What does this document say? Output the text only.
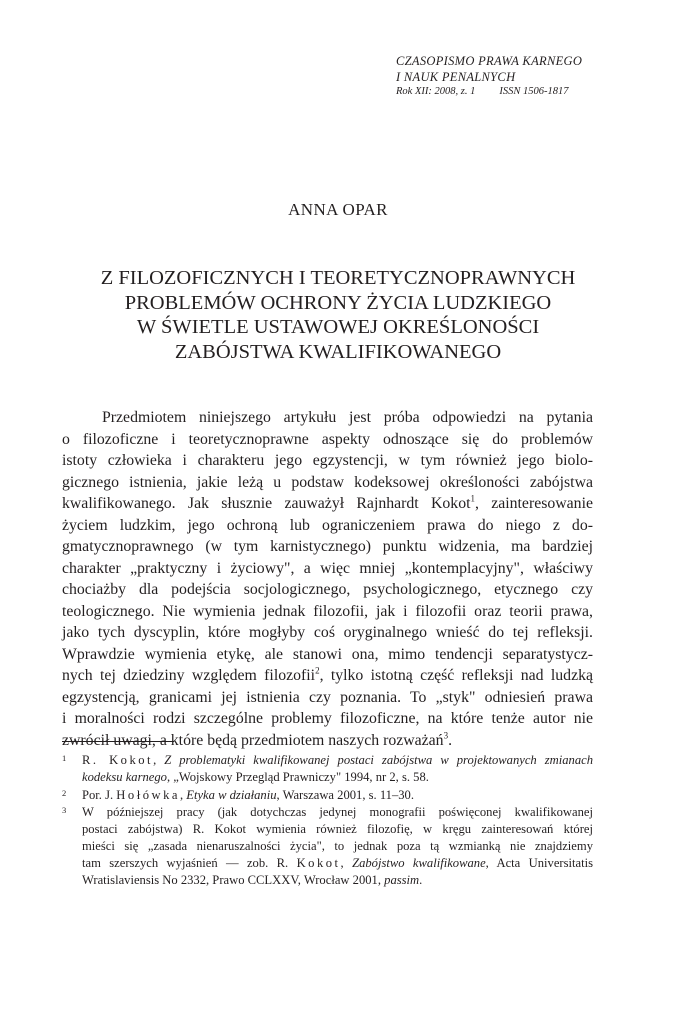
CZASOPISMO PRAWA KARNEGO
I NAUK PENALNYCH
Rok XII: 2008, z. 1 ISSN 1506-1817
ANNA OPAR
Z FILOZOFICZNYCH I TEORETYCZNOPRAWNYCH
PROBLEMÓW OCHRONY ŻYCIA LUDZKIEGO
W ŚWIETLE USTAWOWEJ OKREŚLONOŚCI
ZABÓJSTWA KWALIFIKOWANEGO
Przedmiotem niniejszego artykułu jest próba odpowiedzi na pytania
o filozoficzne i teoretycznoprawne aspekty odnoszące się do problemów
istoty człowieka i charakteru jego egzystencji, w tym również jego biolo-
gicznego istnienia, jakie leżą u podstaw kodeksowej określoności zabójstwa
kwalifikowanego. Jak słusznie zauważył Rajnhardt Kokot$^1$, zainteresowanie
życiem ludzkim, jego ochroną lub ograniczeniem prawa do niego z do-
gmatycznoprawnego (w tym karnistycznego) punktu widzenia, ma bardziej
charakter „praktyczny i życiowy", a więc mniej „kontemplacyjny", właściwy
chociażby dla podejścia socjologicznego, psychologicznego, etycznego czy
teologicznego. Nie wymienia jednak filozofii, jak i filozofii oraz teorii prawa,
jako tych dyscyplin, które mogłyby coś oryginalnego wnieść do tej refleksji.
Wprawdzie wymienia etykę, ale stanowi ona, mimo tendencji separatystycz-
nych tej dziedziny względem filozofii$^2$, tylko istotną część refleksji nad ludzką
egzystencją, granicami jej istnienia czy poznania. To „styk" odniesień prawa
i moralności rodzi szczególne problemy filozoficzne, na które tenże autor nie
zwrócił uwagi, a które będą przedmiotem naszych rozważań$^3$.
1 R. Kokot, Z problematyki kwalifikowanej postaci zabójstwa w projektowanych zmianach
kodeksu karnego, „Wojskowy Przegląd Prawniczy" 1994, nr 2, s. 58.
2 Por. J. Hołówka, Etyka w działaniu, Warszawa 2001, s. 11–30.
3 W późniejszej pracy (jak dotychczas jedynej monografii poświęconej kwalifikowanej
postaci zabójstwa) R. Kokot wymienia również filozofię, w kręgu zainteresowań której
mieści się „zasada nienaruszalności życia", to jednak poza tą wzmianką nie znajdziemy
tam szerszych wyjaśnień — zob. R. Kokot, Zabójstwo kwalifikowane, Acta Universitatis
Wratislaviensis No 2332, Prawo CCLXXV, Wrocław 2001, passim.
